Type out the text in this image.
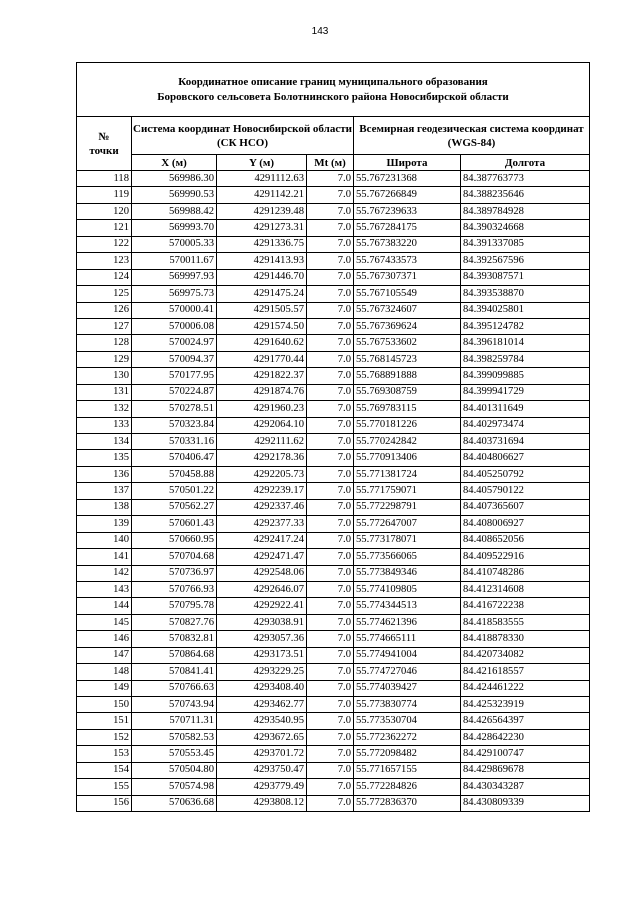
143
Координатное описание границ муниципального образования
Боровского сельсовета Болотнинского района Новосибирской области					

№
точки	Система координат Новосибирской области (СК НСО)			Всемирная геодезическая система координат (WGS-84)	
	X (м)	Y (м)	Mt (м)	Широта	Долгота
118	569986.30	4291112.63	7.0	55.767231368	84.387763773
119	569990.53	4291142.21	7.0	55.767266849	84.388235646
120	569988.42	4291239.48	7.0	55.767239633	84.389784928
121	569993.70	4291273.31	7.0	55.767284175	84.390324668
122	570005.33	4291336.75	7.0	55.767383220	84.391337085
123	570011.67	4291413.93	7.0	55.767433573	84.392567596
124	569997.93	4291446.70	7.0	55.767307371	84.393087571
125	569975.73	4291475.24	7.0	55.767105549	84.393538870
126	570000.41	4291505.57	7.0	55.767324607	84.394025801
127	570006.08	4291574.50	7.0	55.767369624	84.395124782
128	570024.97	4291640.62	7.0	55.767533602	84.396181014
129	570094.37	4291770.44	7.0	55.768145723	84.398259784
130	570177.95	4291822.37	7.0	55.768891888	84.399099885
131	570224.87	4291874.76	7.0	55.769308759	84.399941729
132	570278.51	4291960.23	7.0	55.769783115	84.401311649
133	570323.84	4292064.10	7.0	55.770181226	84.402973474
134	570331.16	4292111.62	7.0	55.770242842	84.403731694
135	570406.47	4292178.36	7.0	55.770913406	84.404806627
136	570458.88	4292205.73	7.0	55.771381724	84.405250792
137	570501.22	4292239.17	7.0	55.771759071	84.405790122
138	570562.27	4292337.46	7.0	55.772298791	84.407365607
139	570601.43	4292377.33	7.0	55.772647007	84.408006927
140	570660.95	4292417.24	7.0	55.773178071	84.408652056
141	570704.68	4292471.47	7.0	55.773566065	84.409522916
142	570736.97	4292548.06	7.0	55.773849346	84.410748286
143	570766.93	4292646.07	7.0	55.774109805	84.412314608
144	570795.78	4292922.41	7.0	55.774344513	84.416722238
145	570827.76	4293038.91	7.0	55.774621396	84.418583555
146	570832.81	4293057.36	7.0	55.774665111	84.418878330
147	570864.68	4293173.51	7.0	55.774941004	84.420734082
148	570841.41	4293229.25	7.0	55.774727046	84.421618557
149	570766.63	4293408.40	7.0	55.774039427	84.424461222
150	570743.94	4293462.77	7.0	55.773830774	84.425323919
151	570711.31	4293540.95	7.0	55.773530704	84.426564397
152	570582.53	4293672.65	7.0	55.772362272	84.428642230
153	570553.45	4293701.72	7.0	55.772098482	84.429100747
154	570504.80	4293750.47	7.0	55.771657155	84.429869678
155	570574.98	4293779.49	7.0	55.772284826	84.430343287
156	570636.68	4293808.12	7.0	55.772836370	84.430809339
